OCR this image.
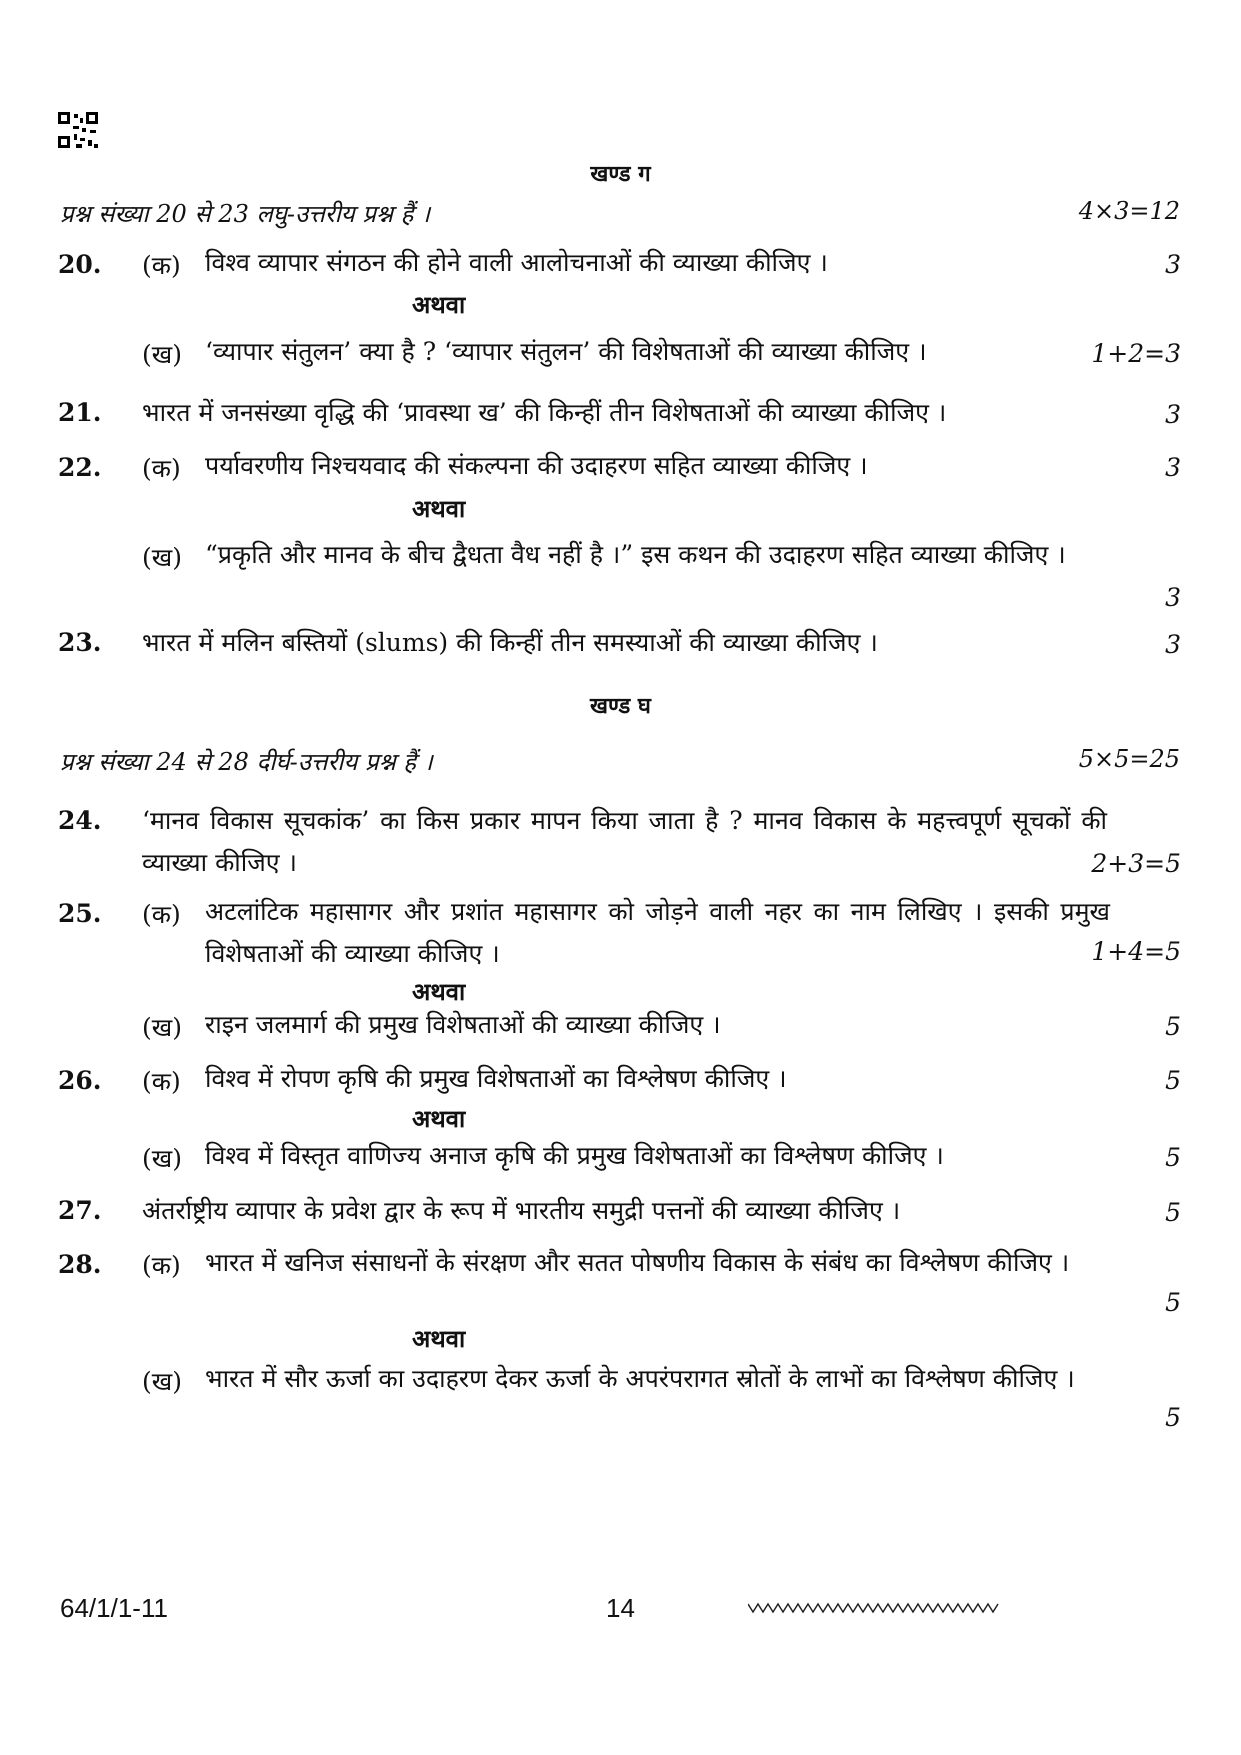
खण्ड ग
प्रश्न संख्या 20 से 23 लघु-उत्तरीय प्रश्न हैं ।	4×3=12
20. (क) विश्व व्यापार संगठन की होने वाली आलोचनाओं की व्याख्या कीजिए ।	3
अथवा
(ख) ‘व्यापार संतुलन’ क्या है ? ‘व्यापार संतुलन’ की विशेषताओं की व्याख्या कीजिए ।	1+2=3
21. भारत में जनसंख्या वृद्धि की ‘प्रावस्था ख’ की किन्हीं तीन विशेषताओं की व्याख्या कीजिए ।	3
22. (क) पर्यावरणीय निश्चयवाद की संकल्पना की उदाहरण सहित व्याख्या कीजिए ।	3
अथवा
(ख) “प्रकृति और मानव के बीच द्वैधता वैध नहीं है ।” इस कथन की उदाहरण सहित व्याख्या कीजिए ।
3
23. भारत में मलिन बस्तियों (slums) की किन्हीं तीन समस्याओं की व्याख्या कीजिए ।	3
खण्ड घ
प्रश्न संख्या 24 से 28 दीर्घ-उत्तरीय प्रश्न हैं ।	5×5=25
24. ‘मानव विकास सूचकांक’ का किस प्रकार मापन किया जाता है ? मानव विकास के महत्त्वपूर्ण सूचकों की व्याख्या कीजिए ।	2+3=5
25. (क) अटलांटिक महासागर और प्रशांत महासागर को जोड़ने वाली नहर का नाम लिखिए । इसकी प्रमुख विशेषताओं की व्याख्या कीजिए ।	1+4=5
अथवा
(ख) राइन जलमार्ग की प्रमुख विशेषताओं की व्याख्या कीजिए ।	5
26. (क) विश्व में रोपण कृषि की प्रमुख विशेषताओं का विश्लेषण कीजिए ।	5
अथवा
(ख) विश्व में विस्तृत वाणिज्य अनाज कृषि की प्रमुख विशेषताओं का विश्लेषण कीजिए ।	5
27. अंतर्राष्ट्रीय व्यापार के प्रवेश द्वार के रूप में भारतीय समुद्री पत्तनों की व्याख्या कीजिए ।	5
28. (क) भारत में खनिज संसाधनों के संरक्षण और सतत पोषणीय विकास के संबंध का विश्लेषण कीजिए ।
5
अथवा
(ख) भारत में सौर ऊर्जा का उदाहरण देकर ऊर्जा के अपरंपरागत स्रोतों के लाभों का विश्लेषण कीजिए ।
5
64/1/1-11	14
